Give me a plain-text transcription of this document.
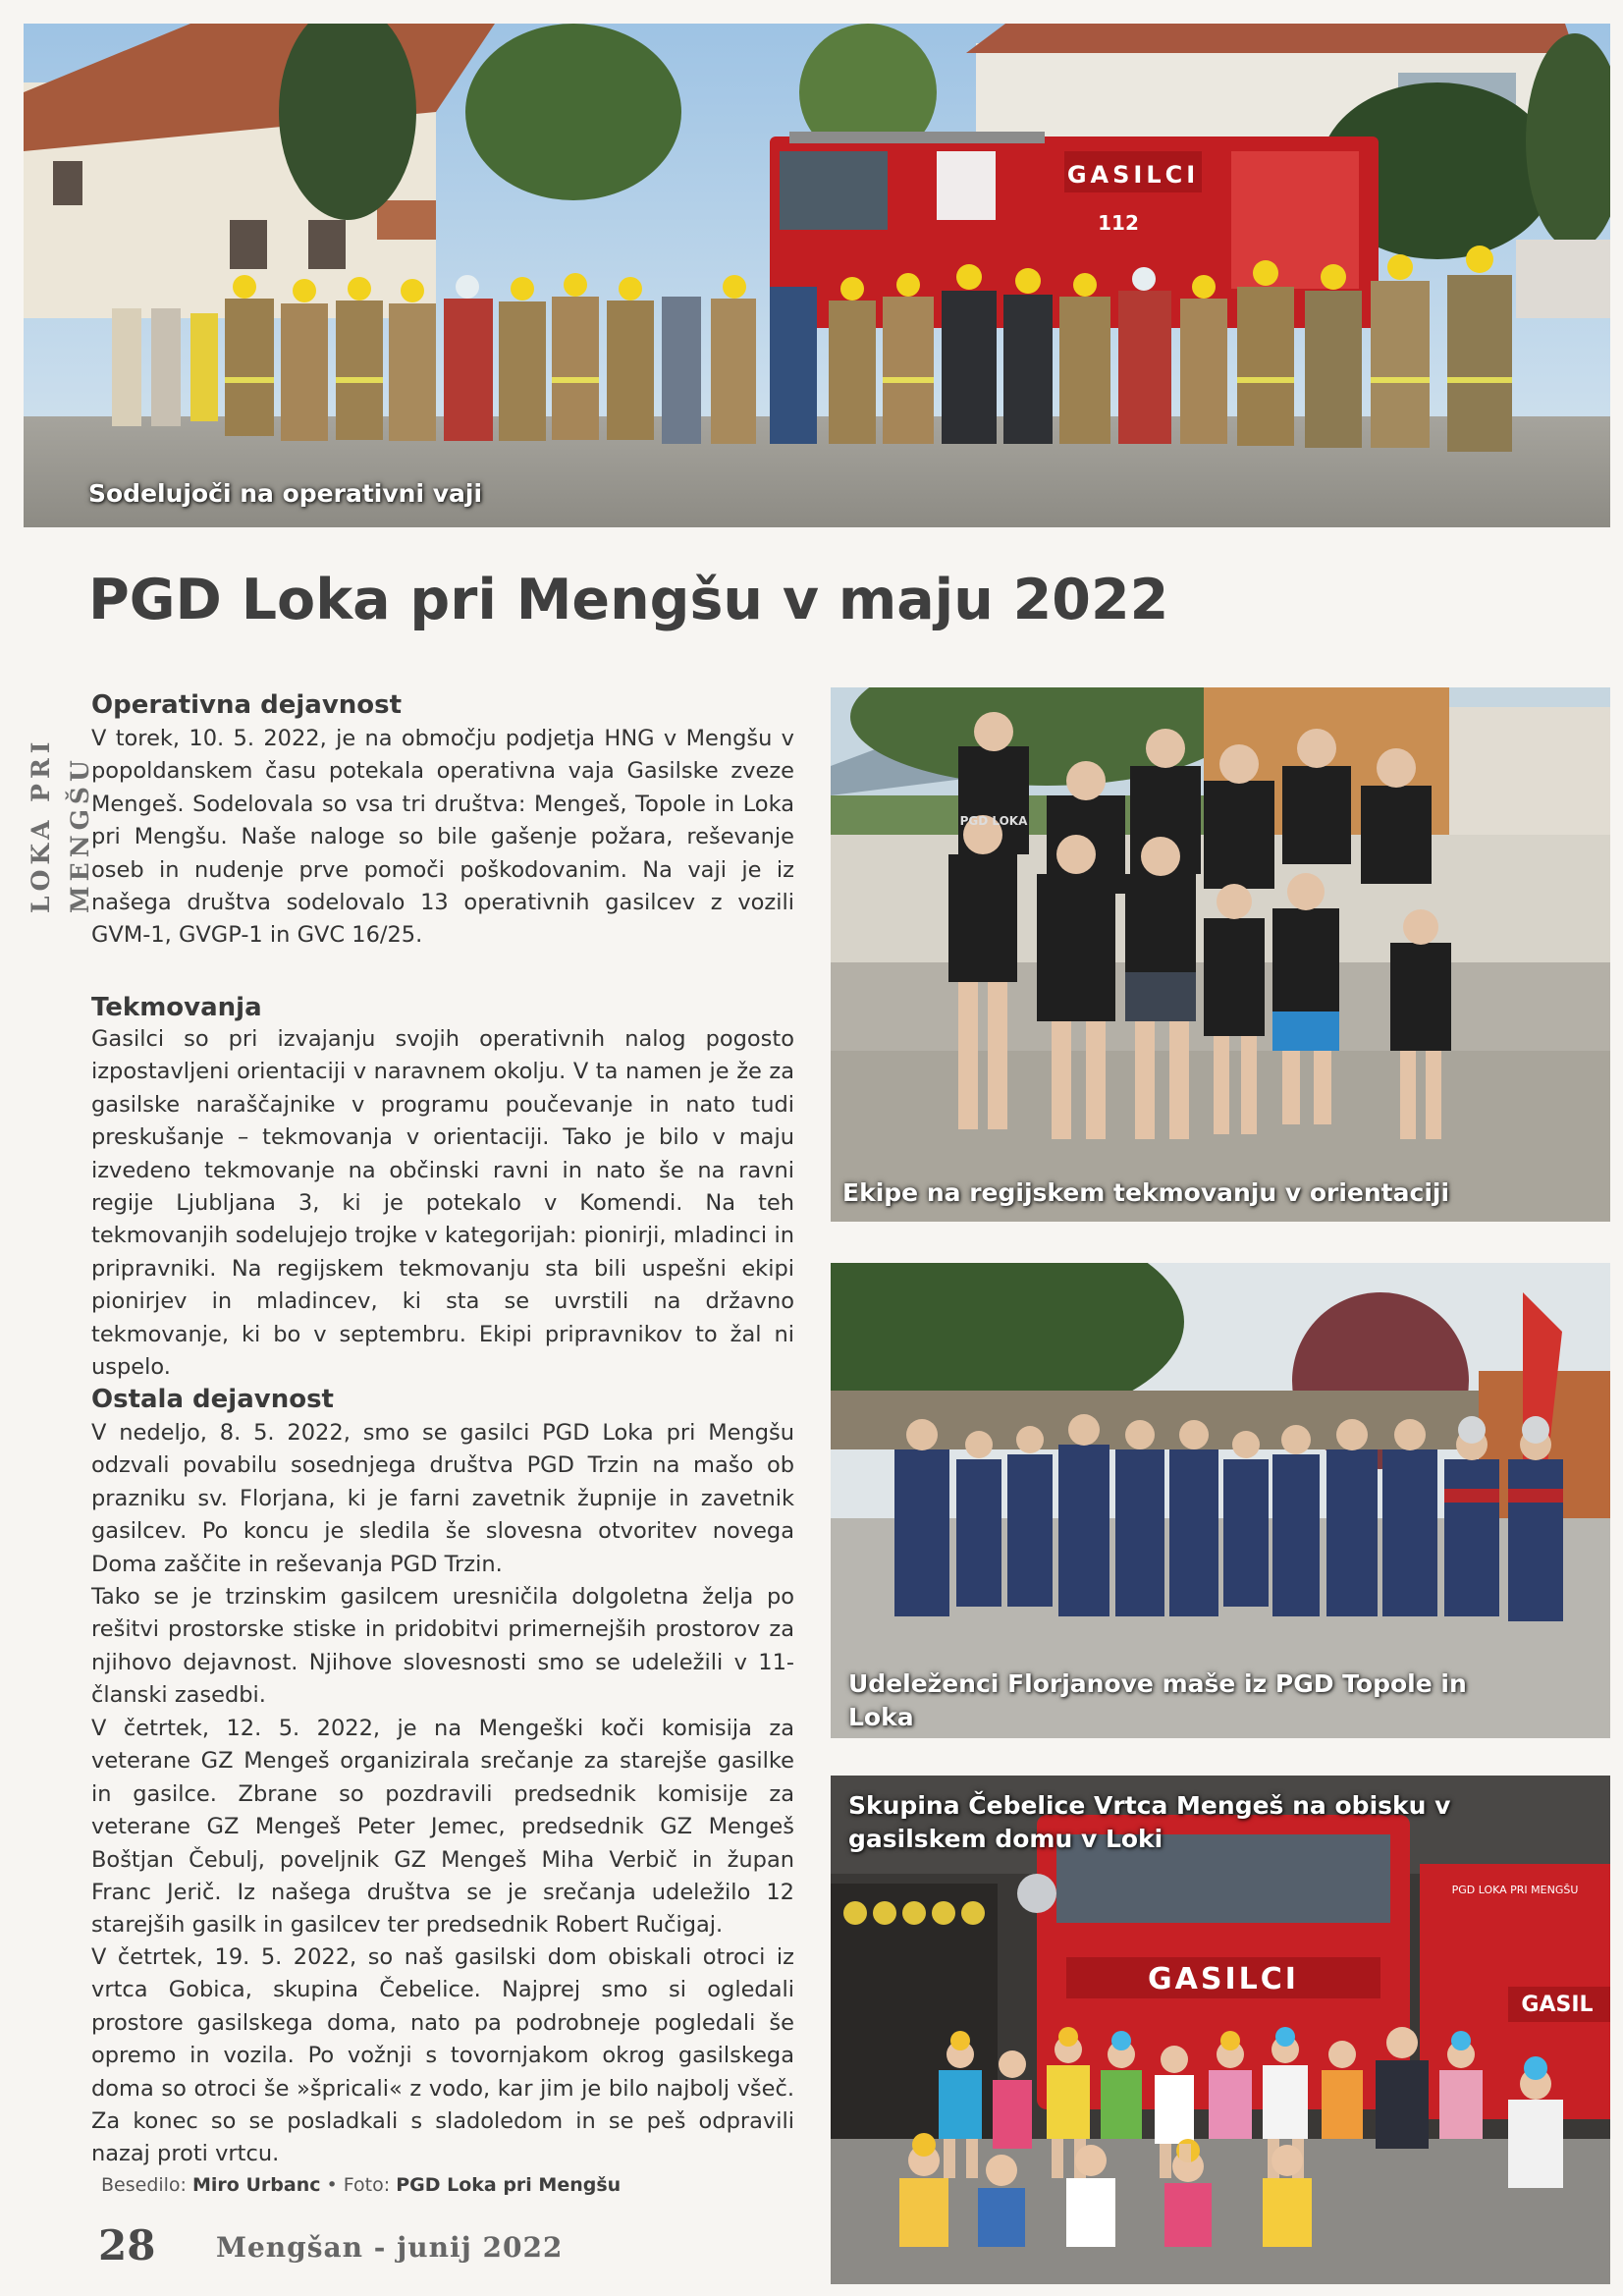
GASILCI
112
Sodelujoči na operativni vaji
LOKA PRI MENGŠU
PGD Loka pri Mengšu v maju 2022
Operativna dejavnost

V torek, 10. 5. 2022, je na območju podjetja HNG v Mengšu v popoldanskem času potekala operativna vaja Gasilske zveze Mengeš. Sodelovala so vsa tri društva: Mengeš, Topole in Loka pri Mengšu. Naše naloge so bile gašenje požara, reševanje oseb in nudenje prve pomoči poškodovanim. Na vaji je iz našega društva sodelovalo 13 operativnih gasilcev z vozili GVM-1, GVGP-1 in GVC 16/25.

Tekmovanja

Gasilci so pri izvajanju svojih operativnih nalog pogosto izpostavljeni orientaciji v naravnem okolju. V ta namen je že za gasilske naraščajnike v programu poučevanje in nato tudi preskušanje – tekmovanja v orientaciji. Tako je bilo v maju izvedeno tekmovanje na občinski ravni in nato še na ravni regije Ljubljana 3, ki je potekalo v Komendi. Na teh tekmovanjih sodelujejo trojke v kategorijah: pionirji, mladinci in pripravniki. Na regijskem tekmovanju sta bili uspešni ekipi pionirjev in mladincev, ki sta se uvrstili na državno tekmovanje, ki bo v septembru. Ekipi pripravnikov to žal ni uspelo.

Ostala dejavnost

V nedeljo, 8. 5. 2022, smo se gasilci PGD Loka pri Mengšu odzvali povabilu sosednjega društva PGD Trzin na mašo ob prazniku sv. Florjana, ki je farni zavetnik župnije in zavetnik gasilcev. Po koncu je sledila še slovesna otvoritev novega Doma zaščite in reševanja PGD Trzin.

Tako se je trzinskim gasilcem uresničila dolgoletna želja po rešitvi prostorske stiske in pridobitvi primernejših prostorov za njihovo dejavnost. Njihove slovesnosti smo se udeležili v 11-članski zasedbi.

V četrtek, 12. 5. 2022, je na Mengeški koči komisija za veterane GZ Mengeš organizirala srečanje za starejše gasilke in gasilce. Zbrane so pozdravili predsednik komisije za veterane GZ Mengeš Peter Jemec, predsednik GZ Mengeš Boštjan Čebulj, poveljnik GZ Mengeš Miha Verbič in župan Franc Jerič. Iz našega društva se je srečanja udeležilo 12 starejših gasilk in gasilcev ter predsednik Robert Ručigaj.

V četrtek, 19. 5. 2022, so naš gasilski dom obiskali otroci iz vrtca Gobica, skupina Čebelice. Najprej smo si ogledali prostore gasilskega doma, nato pa podrobneje pogledali še opremo in vozila. Po vožnji s tovornjakom okrog gasilskega doma so otroci še »špricali« z vodo, kar jim je bilo najbolj všeč. Za konec so se posladkali s sladoledom in se peš odpravili nazaj proti vrtcu.

Besedilo: Miro Urbanc • Foto: PGD Loka pri Mengšu
28 Mengšan - junij 2022
PGD LOKA
Ekipe na regijskem tekmovanju v orientaciji
Udeleženci Florjanove maše iz PGD Topole in Loka
GASILCI
PGD LOKA PRI MENGŠU
GASIL
Skupina Čebelice Vrtca Mengeš na obisku v gasilskem domu v Loki
